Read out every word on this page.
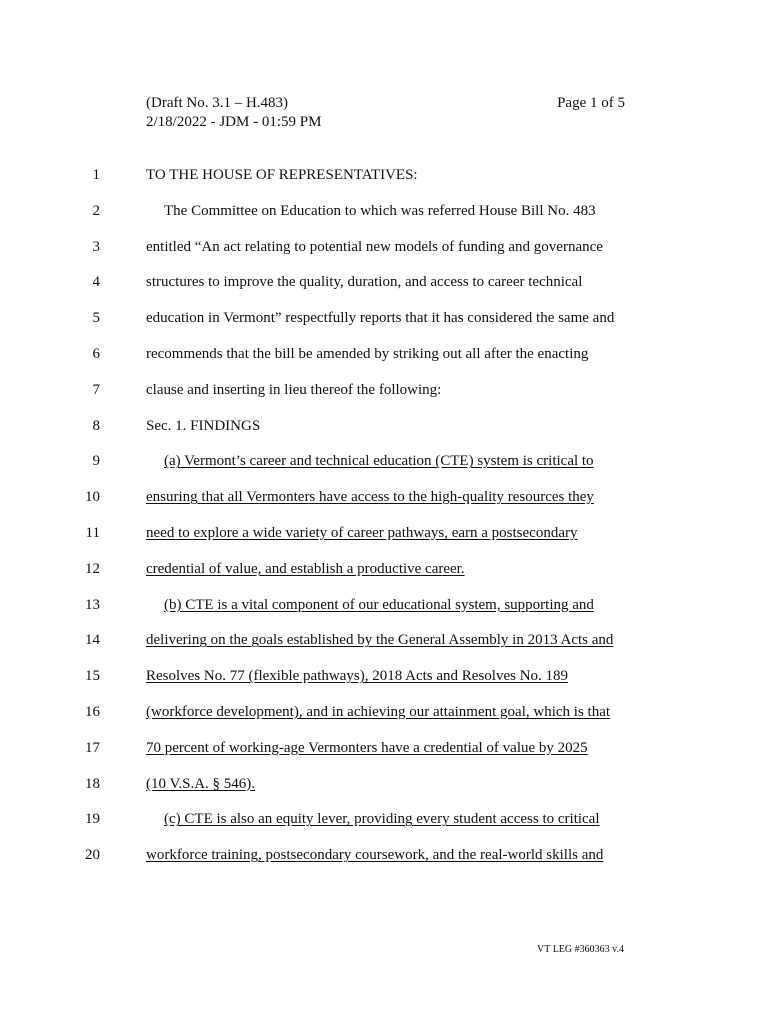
(Draft No. 3.1 – H.483)
2/18/2022 - JDM - 01:59 PM
Page 1 of 5
1	TO THE HOUSE OF REPRESENTATIVES:
2	The Committee on Education to which was referred House Bill No. 483
3	entitled “An act relating to potential new models of funding and governance
4	structures to improve the quality, duration, and access to career technical
5	education in Vermont” respectfully reports that it has considered the same and
6	recommends that the bill be amended by striking out all after the enacting
7	clause and inserting in lieu thereof the following:
8	Sec. 1. FINDINGS
9	(a) Vermont’s career and technical education (CTE) system is critical to
10	ensuring that all Vermonters have access to the high-quality resources they
11	need to explore a wide variety of career pathways, earn a postsecondary
12	credential of value, and establish a productive career.
13	(b) CTE is a vital component of our educational system, supporting and
14	delivering on the goals established by the General Assembly in 2013 Acts and
15	Resolves No. 77 (flexible pathways), 2018 Acts and Resolves No. 189
16	(workforce development), and in achieving our attainment goal, which is that
17	70 percent of working-age Vermonters have a credential of value by 2025
18	(10 V.S.A. § 546).
19	(c) CTE is also an equity lever, providing every student access to critical
20	workforce training, postsecondary coursework, and the real-world skills and
VT LEG #360363 v.4
